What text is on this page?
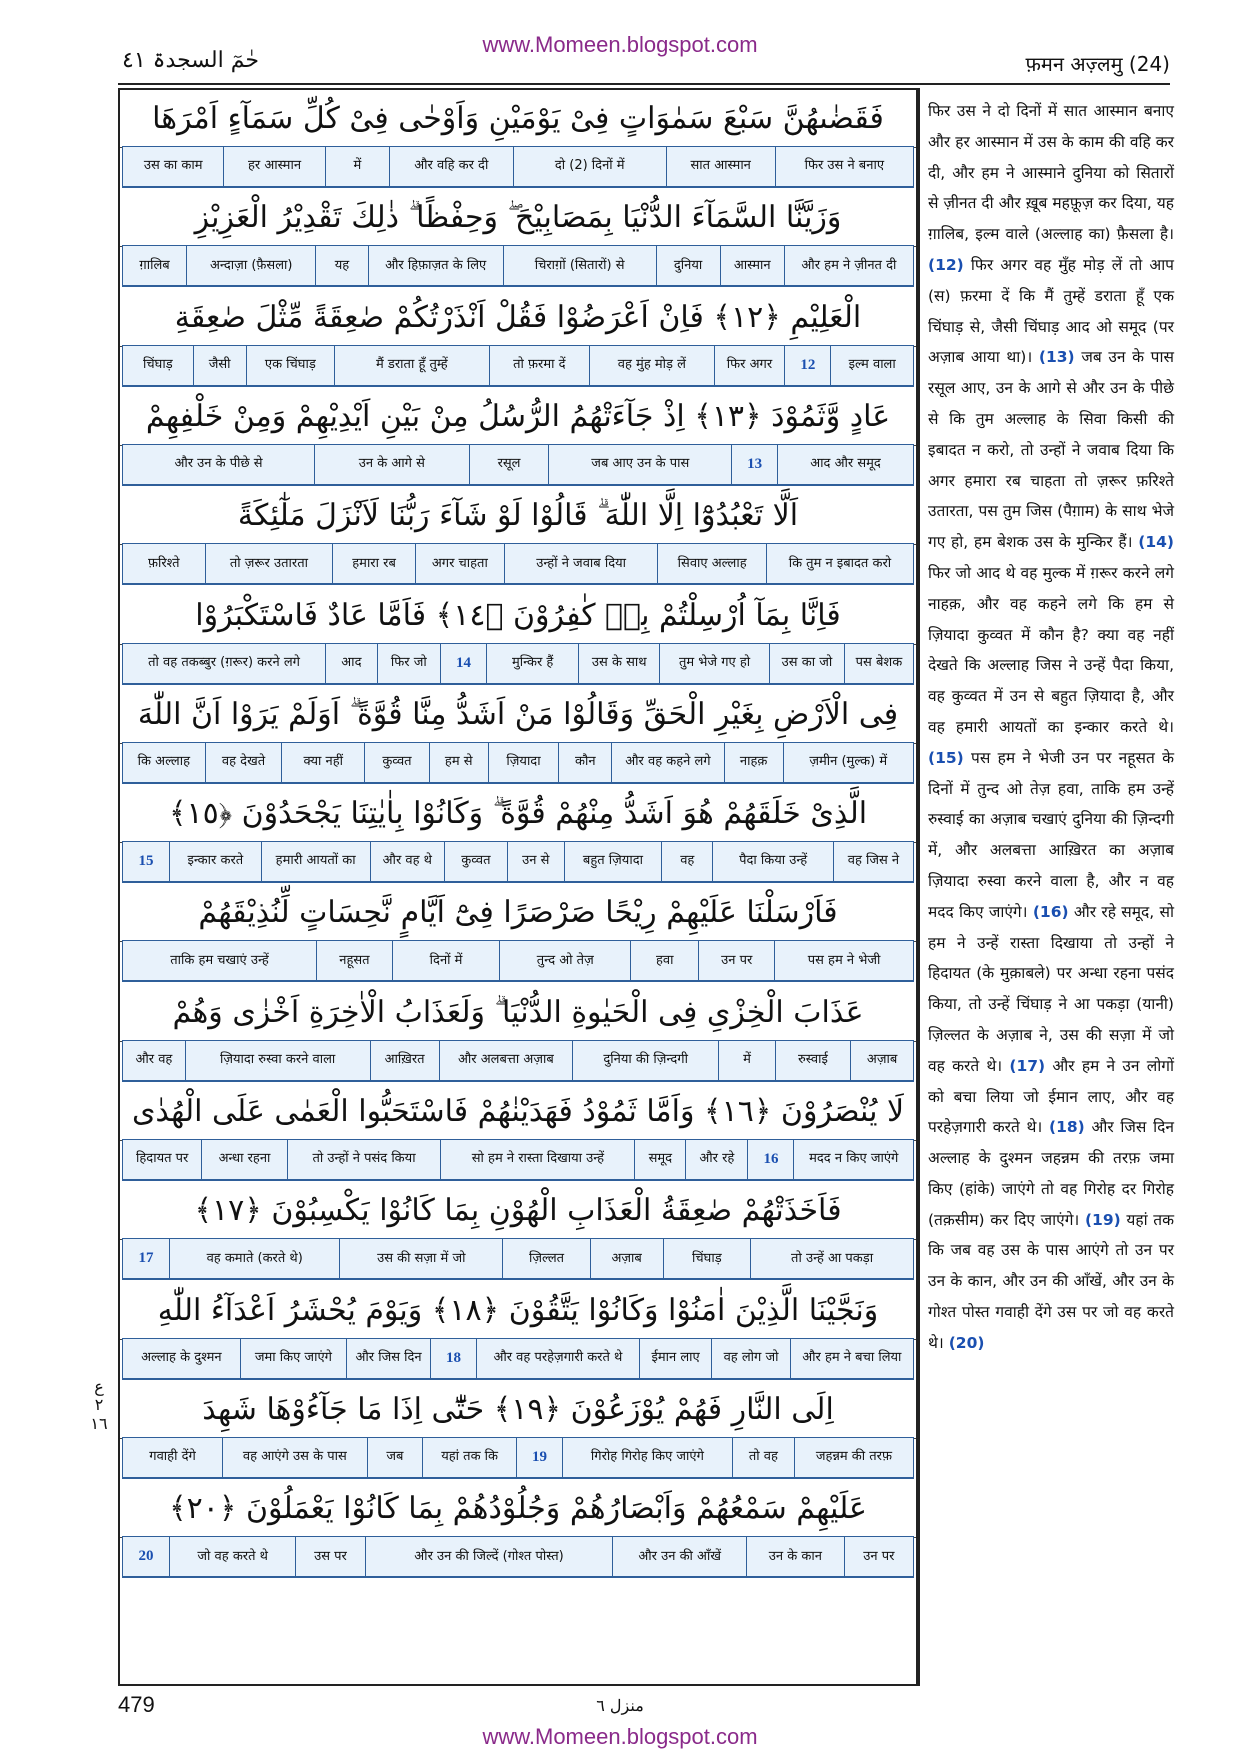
www.Momeen.blogspot.com
حٰمٓ السجدۃ ٤١	फ़मन अज़्लमु (24)
فَقَضٰىهُنَّ سَبْعَ سَمٰوَاتٍ فِىْ يَوْمَيْنِ وَاَوْحٰى فِىْ كُلِّ سَمَآءٍ اَمْرَهَا
फिर उस ने बनाए
सात आस्मान
दो (2) दिनों में
और वहि कर दी
में
हर आस्मान
उस का काम
وَزَيَّنَّا السَّمَآءَ الدُّنْيَا بِمَصَابِيْحَ ۖ وَحِفْظًا ۗ ذٰلِكَ تَقْدِيْرُ الْعَزِيْزِ
और हम ने ज़ीनत दी
आस्मान
दुनिया
चिराग़ों (सितारों) से
और हिफ़ाज़त के लिए
यह
अन्दाज़ा (फ़ैसला)
ग़ालिब
الْعَلِيْمِ ﴿١٢﴾ فَاِنْ اَعْرَضُوْا فَقُلْ اَنْذَرْتُكُمْ صٰعِقَةً مِّثْلَ صٰعِقَةِ
इल्म वाला
12
फिर अगर
वह मुंह मोड़ लें
तो फ़रमा दें
मैं डराता हूँ तुम्हें
एक चिंघाड़
जैसी
चिंघाड़
عَادٍ وَّثَمُوْدَ ﴿١٣﴾ اِذْ جَآءَتْهُمُ الرُّسُلُ مِنْ بَيْنِ اَيْدِيْهِمْ وَمِنْ خَلْفِهِمْ
आद और समूद
13
जब आए उन के पास
रसूल
उन के आगे से
और उन के पीछे से
اَلَّا تَعْبُدُوْٓا اِلَّا اللّٰهَ ۗ قَالُوْا لَوْ شَآءَ رَبُّنَا لَاَنْزَلَ مَلٰٓئِكَةً
कि तुम न इबादत करो
सिवाए अल्लाह
उन्हों ने जवाब दिया
अगर चाहता
हमारा रब
तो ज़रूर उतारता
फ़रिश्ते
فَاِنَّا بِمَآ اُرْسِلْتُمْ بِهٖ كٰفِرُوْنَ ﴿١٤﴾ فَاَمَّا عَادٌ فَاسْتَكْبَرُوْا
पस बेशक
उस का जो
तुम भेजे गए हो
उस के साथ
मुन्किर हैं
14
फिर जो
आद
तो वह तकब्बुर (ग़रूर) करने लगे
فِى الْاَرْضِ بِغَيْرِ الْحَقِّ وَقَالُوْا مَنْ اَشَدُّ مِنَّا قُوَّةً ۗ اَوَلَمْ يَرَوْا اَنَّ اللّٰهَ
ज़मीन (मुल्क) में
नाहक़
और वह कहने लगे
कौन
ज़ियादा
हम से
कुव्वत
क्या नहीं
वह देखते
कि अल्लाह
الَّذِىْ خَلَقَهُمْ هُوَ اَشَدُّ مِنْهُمْ قُوَّةً ۗ وَكَانُوْا بِاٰيٰتِنَا يَجْحَدُوْنَ ﴿١٥﴾
वह जिस ने
पैदा किया उन्हें
वह
बहुत ज़ियादा
उन से
कुव्वत
और वह थे
हमारी आयतों का
इन्कार करते
15
فَاَرْسَلْنَا عَلَيْهِمْ رِيْحًا صَرْصَرًا فِىْٓ اَيَّامٍ نَّحِسَاتٍ لِّنُذِيْقَهُمْ
पस हम ने भेजी
उन पर
हवा
तुन्द ओ तेज़
दिनों में
नहूसत
ताकि हम चखाएं उन्हें
عَذَابَ الْخِزْىِ فِى الْحَيٰوةِ الدُّنْيَا ۗ وَلَعَذَابُ الْاٰخِرَةِ اَخْزٰى وَهُمْ
अज़ाब
रुस्वाई
में
दुनिया की ज़िन्दगी
और अलबत्ता अज़ाब
आख़िरत
ज़ियादा रुस्वा करने वाला
और वह
لَا يُنْصَرُوْنَ ﴿١٦﴾ وَاَمَّا ثَمُوْدُ فَهَدَيْنٰهُمْ فَاسْتَحَبُّوا الْعَمٰى عَلَى الْهُدٰى
मदद न किए जाएंगे
16
और रहे
समूद
सो हम ने रास्ता दिखाया उन्हें
तो उन्हों ने पसंद किया
अन्धा रहना
हिदायत पर
فَاَخَذَتْهُمْ صٰعِقَةُ الْعَذَابِ الْهُوْنِ بِمَا كَانُوْا يَكْسِبُوْنَ ﴿١٧﴾
तो उन्हें आ पकड़ा
चिंघाड़
अज़ाब
ज़िल्लत
उस की सज़ा में जो
वह कमाते (करते थे)
17
وَنَجَّيْنَا الَّذِيْنَ اٰمَنُوْا وَكَانُوْا يَتَّقُوْنَ ﴿١٨﴾ وَيَوْمَ يُحْشَرُ اَعْدَآءُ اللّٰهِ
और हम ने बचा लिया
वह लोग जो
ईमान लाए
और वह परहेज़गारी करते थे
18
और जिस दिन
जमा किए जाएंगे
अल्लाह के दुश्मन
اِلَى النَّارِ فَهُمْ يُوْزَعُوْنَ ﴿١٩﴾ حَتّٰٓى اِذَا مَا جَآءُوْهَا شَهِدَ
जहन्नम की तरफ़
तो वह
गिरोह गिरोह किए जाएंगे
19
यहां तक कि
जब
वह आएंगे उस के पास
गवाही देंगे
عَلَيْهِمْ سَمْعُهُمْ وَاَبْصَارُهُمْ وَجُلُوْدُهُمْ بِمَا كَانُوْا يَعْمَلُوْنَ ﴿٢٠﴾
उन पर
उन के कान
और उन की आँखें
और उन की जिल्दें (गोश्त पोस्त)
उस पर
जो वह करते थे
20
फिर उस ने दो दिनों में सात आस्मान बनाए और हर आस्मान में उस के काम की वहि कर दी, और हम ने आस्माने दुनिया को सितारों से ज़ीनत दी और ख़ूब महफ़ूज़ कर दिया, यह ग़ालिब, इल्म वाले (अल्लाह का) फ़ैसला है। (12) फिर अगर वह मुँह मोड़ लें तो आप (स) फ़रमा दें कि मैं तुम्हें डराता हूँ एक चिंघाड़ से, जैसी चिंघाड़ आद ओ समूद (पर अज़ाब आया था)। (13) जब उन के पास रसूल आए, उन के आगे से और उन के पीछे से कि तुम अल्लाह के सिवा किसी की इबादत न करो, तो उन्हों ने जवाब दिया कि अगर हमारा रब चाहता तो ज़रूर फ़रिश्ते उतारता, पस तुम जिस (पैग़ाम) के साथ भेजे गए हो, हम बेशक उस के मुन्किर हैं। (14) फिर जो आद थे वह मुल्क में ग़रूर करने लगे नाहक़, और वह कहने लगे कि हम से ज़ियादा कुव्वत में कौन है? क्या वह नहीं देखते कि अल्लाह जिस ने उन्हें पैदा किया, वह कुव्वत में उन से बहुत ज़ियादा है, और वह हमारी आयतों का इन्कार करते थे। (15) पस हम ने भेजी उन पर नहूसत के दिनों में तुन्द ओ तेज़ हवा, ताकि हम उन्हें रुस्वाई का अज़ाब चखाएं दुनिया की ज़िन्दगी में, और अलबत्ता आख़िरत का अज़ाब ज़ियादा रुस्वा करने वाला है, और न वह मदद किए जाएंगे। (16) और रहे समूद, सो हम ने उन्हें रास्ता दिखाया तो उन्हों ने हिदायत (के मुक़ाबले) पर अन्धा रहना पसंद किया, तो उन्हें चिंघाड़ ने आ पकड़ा (यानी) ज़िल्लत के अज़ाब ने, उस की सज़ा में जो वह करते थे। (17) और हम ने उन लोगों को बचा लिया जो ईमान लाए, और वह परहेज़गारी करते थे। (18) और जिस दिन अल्लाह के दुश्मन जहन्नम की तरफ़ जमा किए (हांके) जाएंगे तो वह गिरोह दर गिरोह (तक़सीम) कर दिए जाएंगे। (19) यहां तक कि जब वह उस के पास आएंगे तो उन पर उन के कान, और उन की आँखें, और उन के गोश्त पोस्त गवाही देंगे उस पर जो वह करते थे। (20)
ع ٢ ١٦
479	منزل ٦
www.Momeen.blogspot.com
